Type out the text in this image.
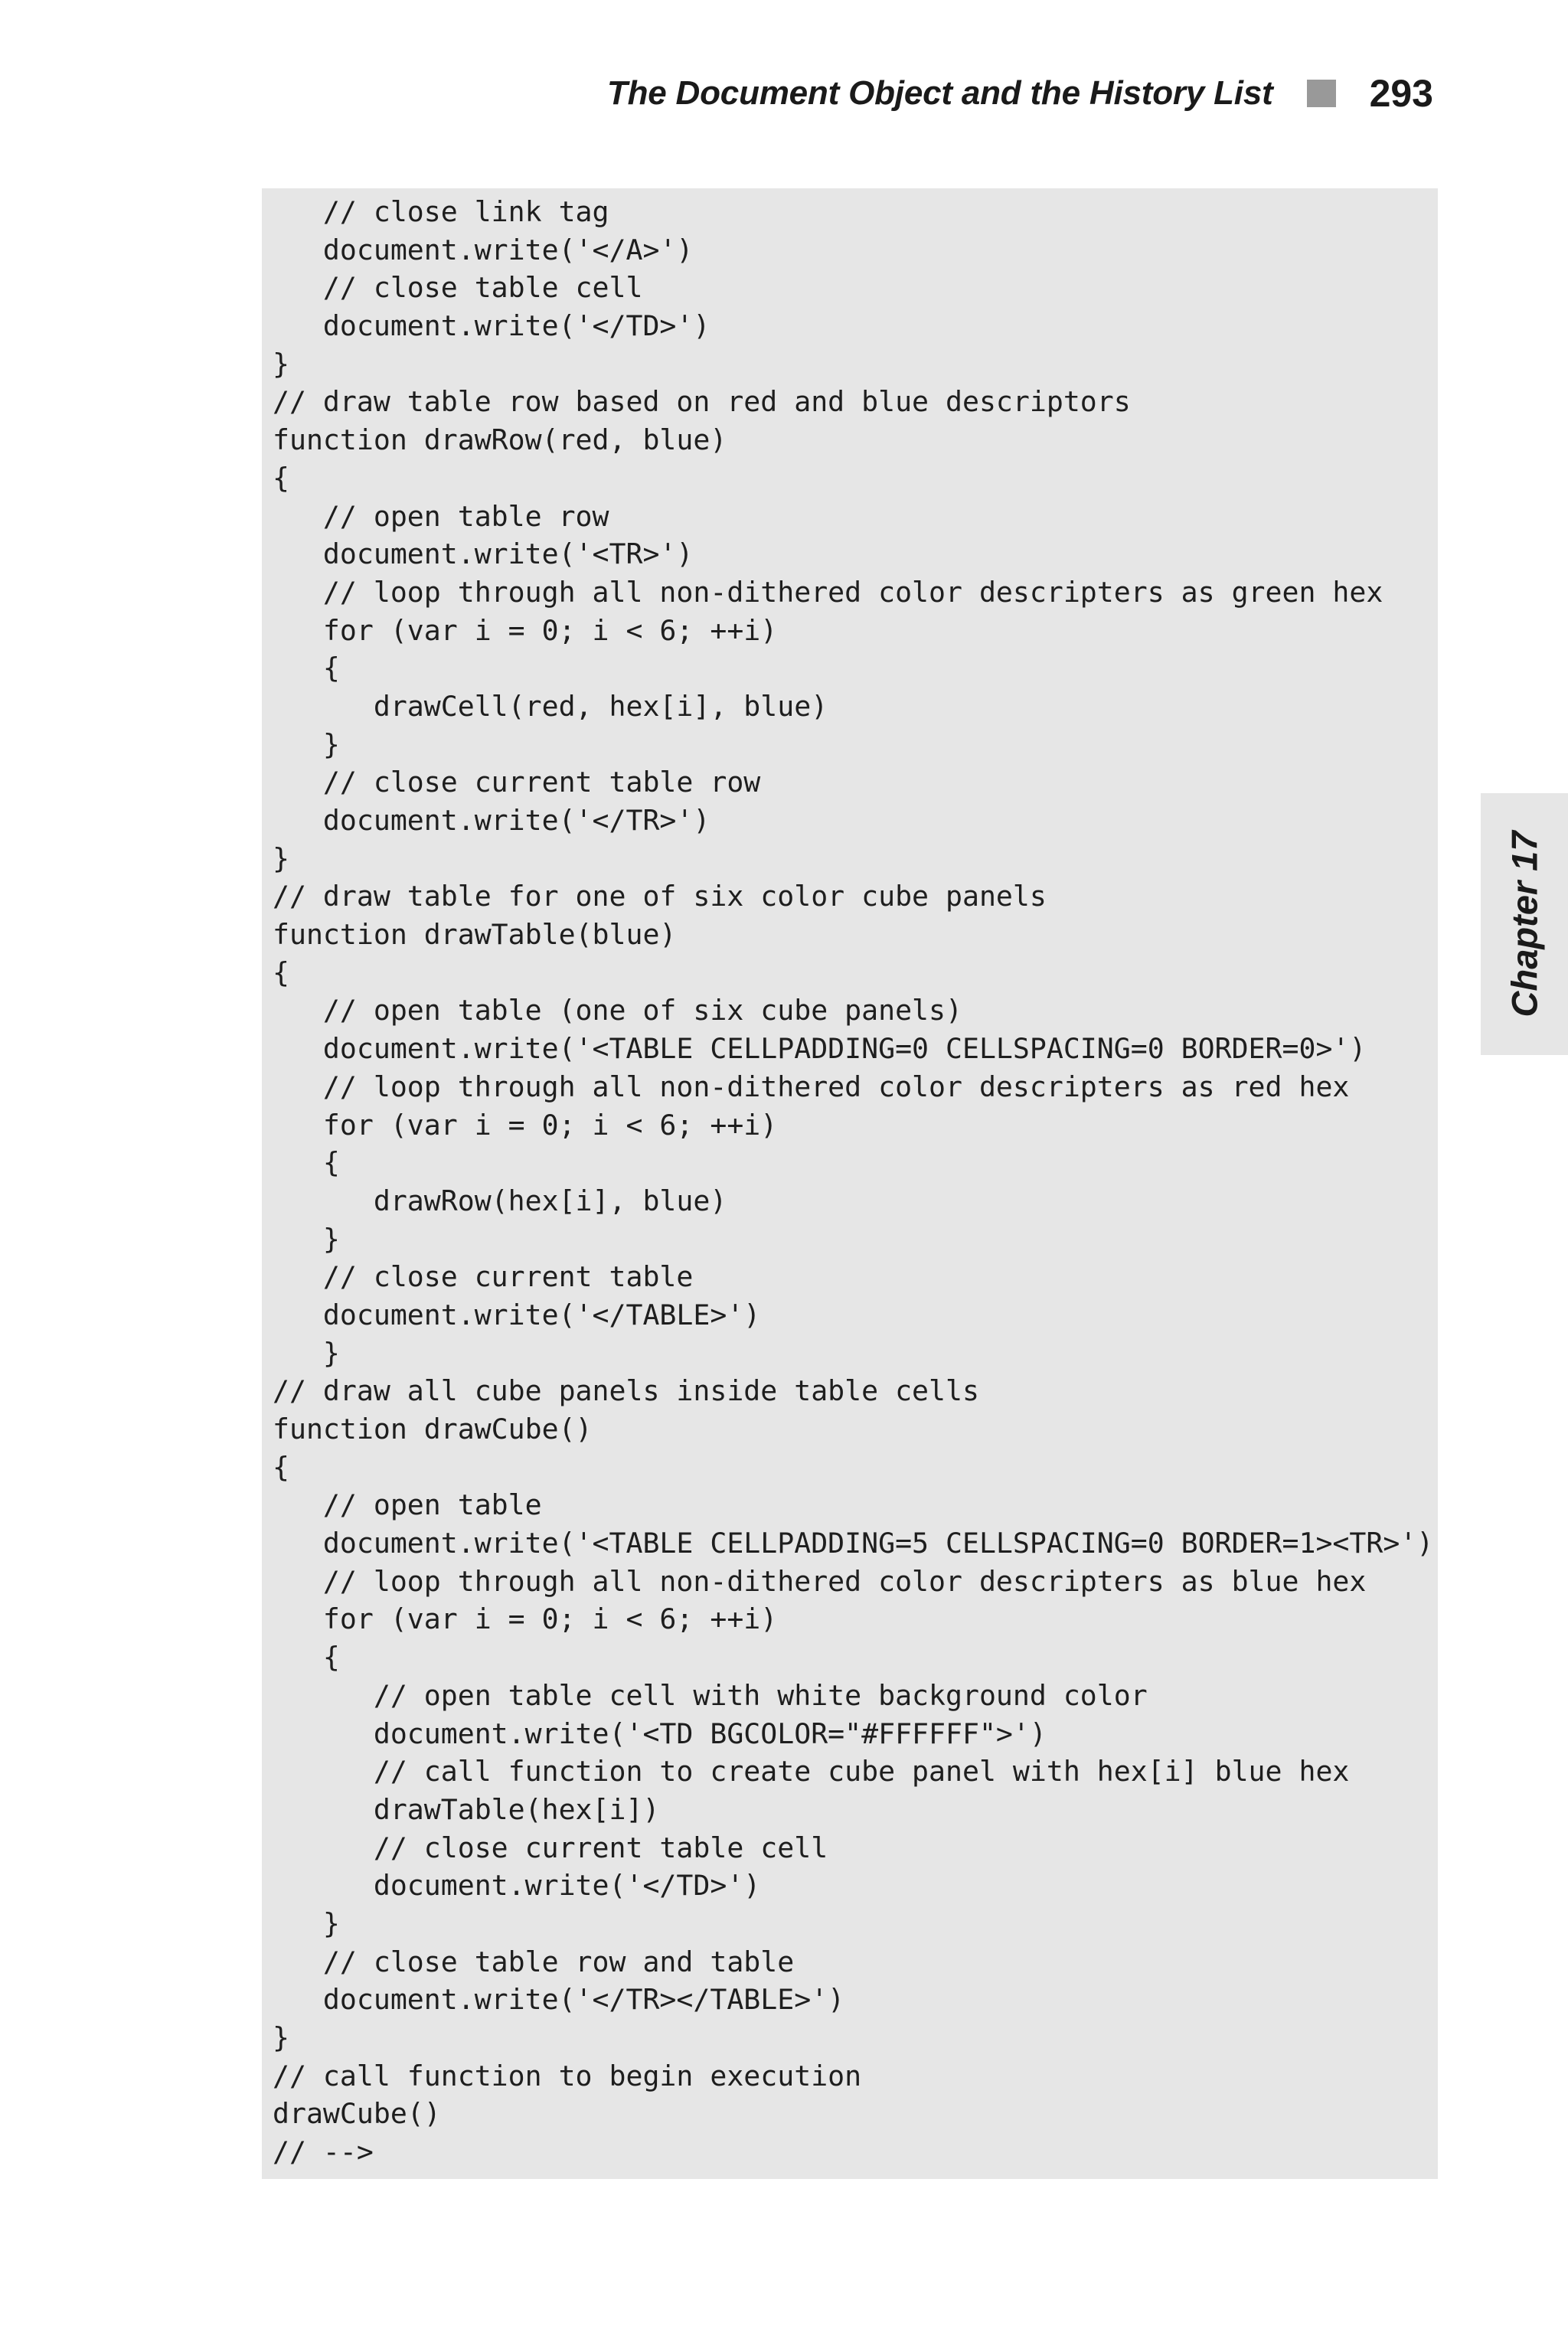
The Document Object and the History List	293
// close link tag
document.write('</A>')
// close table cell
document.write('</TD>')
}
// draw table row based on red and blue descriptors
function drawRow(red, blue)
{
// open table row
document.write('<TR>')
// loop through all non-dithered color descripters as green hex
for (var i = 0; i < 6; ++i)
{
drawCell(red, hex[i], blue)
}
// close current table row
document.write('</TR>')
}
// draw table for one of six color cube panels
function drawTable(blue)
{
// open table (one of six cube panels)
document.write('<TABLE CELLPADDING=0 CELLSPACING=0 BORDER=0>')
// loop through all non-dithered color descripters as red hex
for (var i = 0; i < 6; ++i)
{
drawRow(hex[i], blue)
}
// close current table
document.write('</TABLE>')
}
// draw all cube panels inside table cells
function drawCube()
{
// open table
document.write('<TABLE CELLPADDING=5 CELLSPACING=0 BORDER=1><TR>')
// loop through all non-dithered color descripters as blue hex
for (var i = 0; i < 6; ++i)
{
// open table cell with white background color
document.write('<TD BGCOLOR="#FFFFFF">')
// call function to create cube panel with hex[i] blue hex
drawTable(hex[i])
// close current table cell
document.write('</TD>')
}
// close table row and table
document.write('</TR></TABLE>')
}
// call function to begin execution
drawCube()
// -->
Chapter 17
